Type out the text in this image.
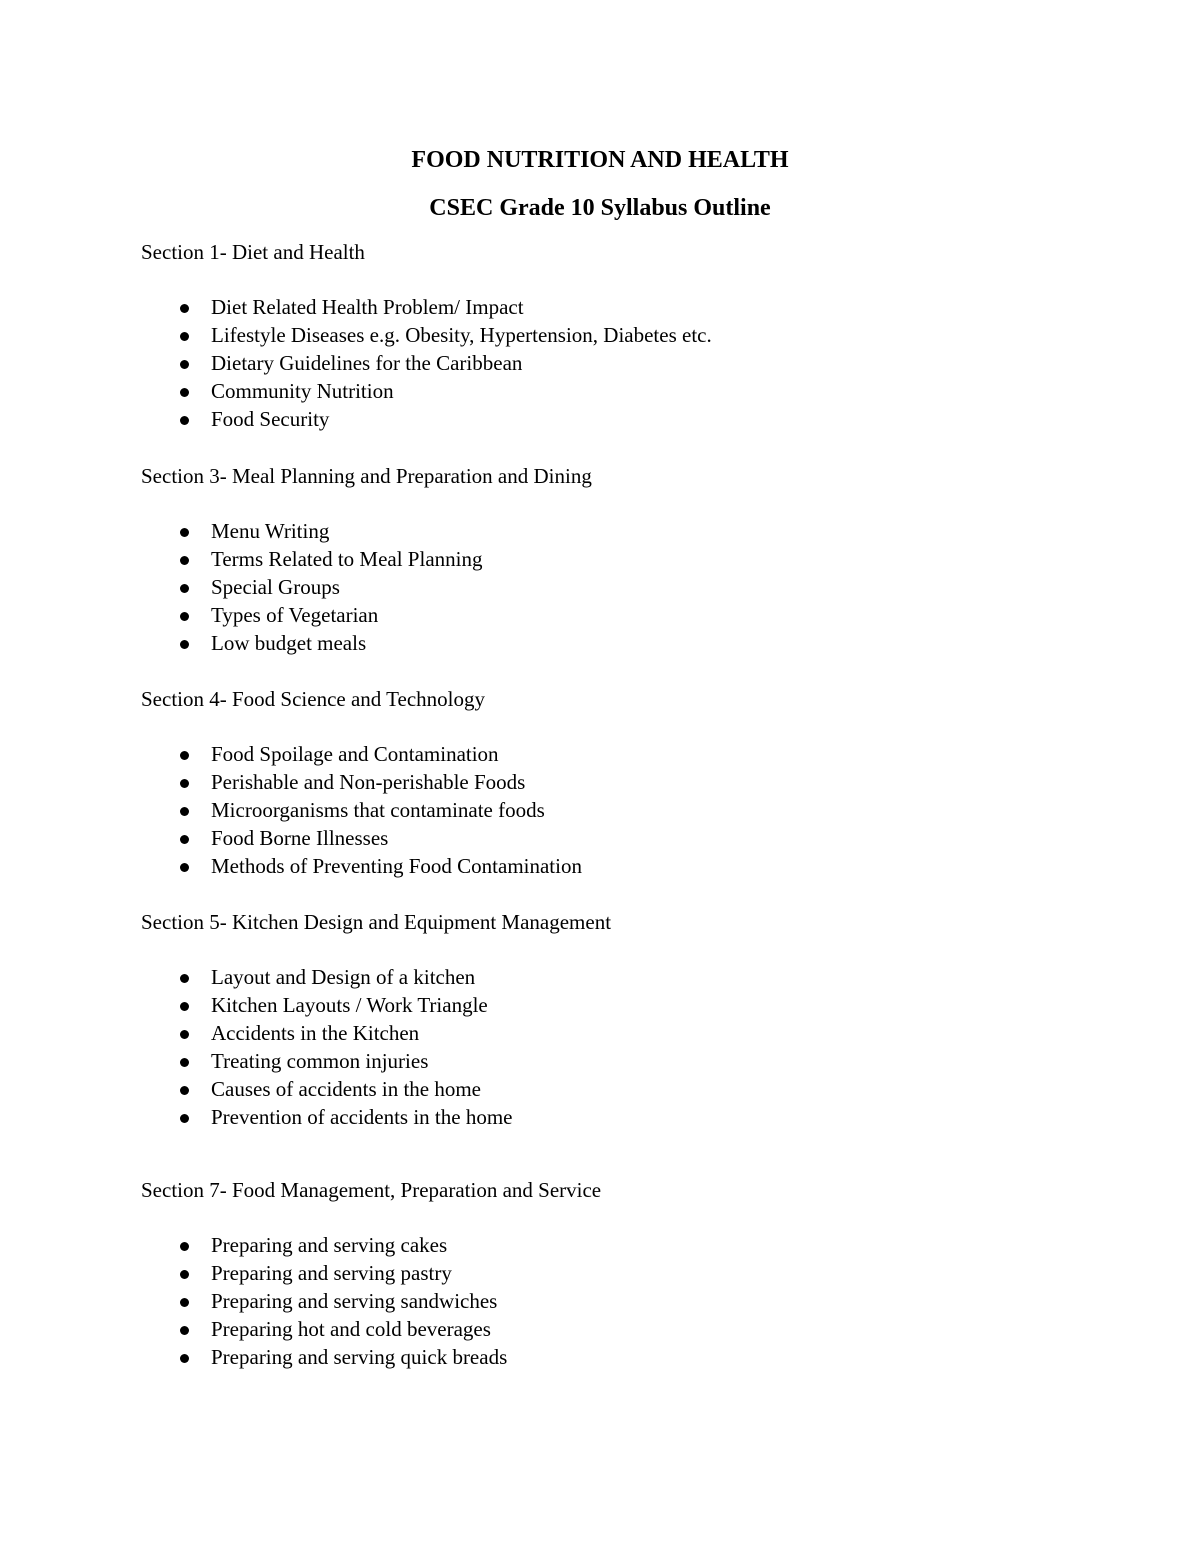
FOOD NUTRITION AND HEALTH
CSEC Grade 10 Syllabus Outline

Section 1- Diet and Health

Diet Related Health Problem/ Impact
Lifestyle Diseases e.g. Obesity, Hypertension, Diabetes etc.
Dietary Guidelines for the Caribbean
Community Nutrition
Food Security

Section 3- Meal Planning and Preparation and Dining

Menu Writing
Terms Related to Meal Planning
Special Groups
Types of Vegetarian
Low budget meals

Section 4- Food Science and Technology

Food Spoilage and Contamination
Perishable and Non-perishable Foods
Microorganisms that contaminate foods
Food Borne Illnesses
Methods of Preventing Food Contamination

Section 5- Kitchen Design and Equipment Management

Layout and Design of a kitchen
Kitchen Layouts / Work Triangle
Accidents in the Kitchen
Treating common injuries
Causes of accidents in the home
Prevention of accidents in the home

Section 7- Food Management, Preparation and Service

Preparing and serving cakes
Preparing and serving pastry
Preparing and serving sandwiches
Preparing hot and cold beverages
Preparing and serving quick breads
